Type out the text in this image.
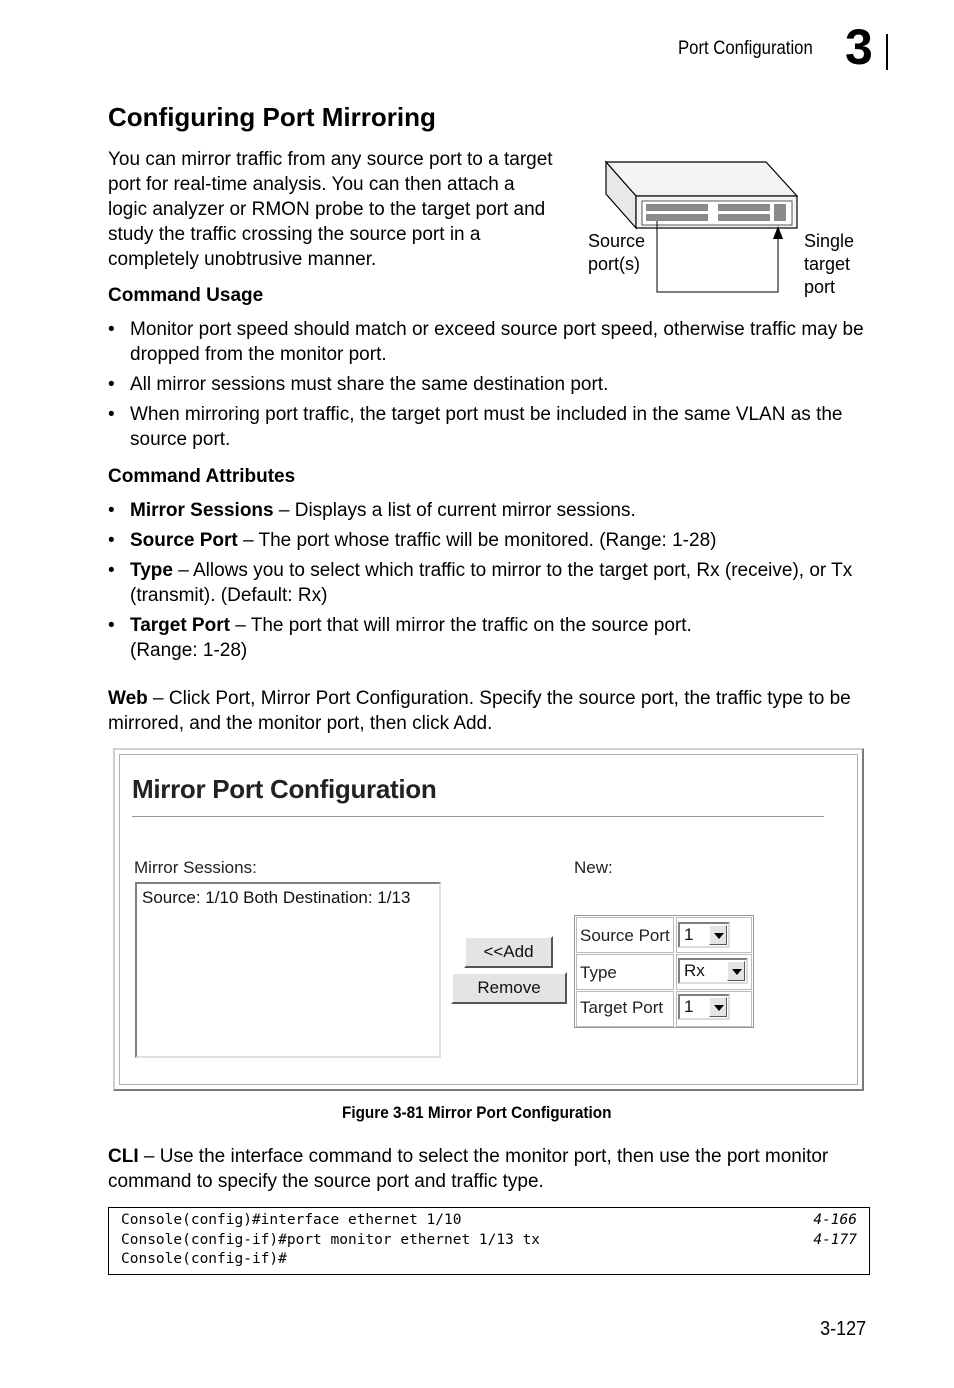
Port Configuration 3
Configuring Port Mirroring
You can mirror traffic from any source port to a target port for real-time analysis. You can then attach a logic analyzer or RMON probe to the target port and study the traffic crossing the source port in a completely unobtrusive manner.
Source
port(s)
Single
target
port
Command Usage
• Monitor port speed should match or exceed source port speed, otherwise traffic may be dropped from the monitor port.
• All mirror sessions must share the same destination port.
• When mirroring port traffic, the target port must be included in the same VLAN as the source port.
Command Attributes
• Mirror Sessions – Displays a list of current mirror sessions.
• Source Port – The port whose traffic will be monitored. (Range: 1-28)
• Type – Allows you to select which traffic to mirror to the target port, Rx (receive), or Tx (transmit). (Default: Rx)
• Target Port – The port that will mirror the traffic on the source port.
(Range: 1-28)
Web – Click Port, Mirror Port Configuration. Specify the source port, the traffic type to be mirrored, and the monitor port, then click Add.
Mirror Port Configuration
Mirror Sessions:	New:
Source: 1/10 Both Destination: 1/13
<<Add
Remove
Source Port 1
Type	Rx
Target Port 1
Figure 3-81 Mirror Port Configuration
CLI – Use the interface command to select the monitor port, then use the port monitor command to specify the source port and traffic type.
Console(config)#interface ethernet 1/10	4-166
Console(config-if)#port monitor ethernet 1/13 tx	4-177
Console(config-if)#
3-127
